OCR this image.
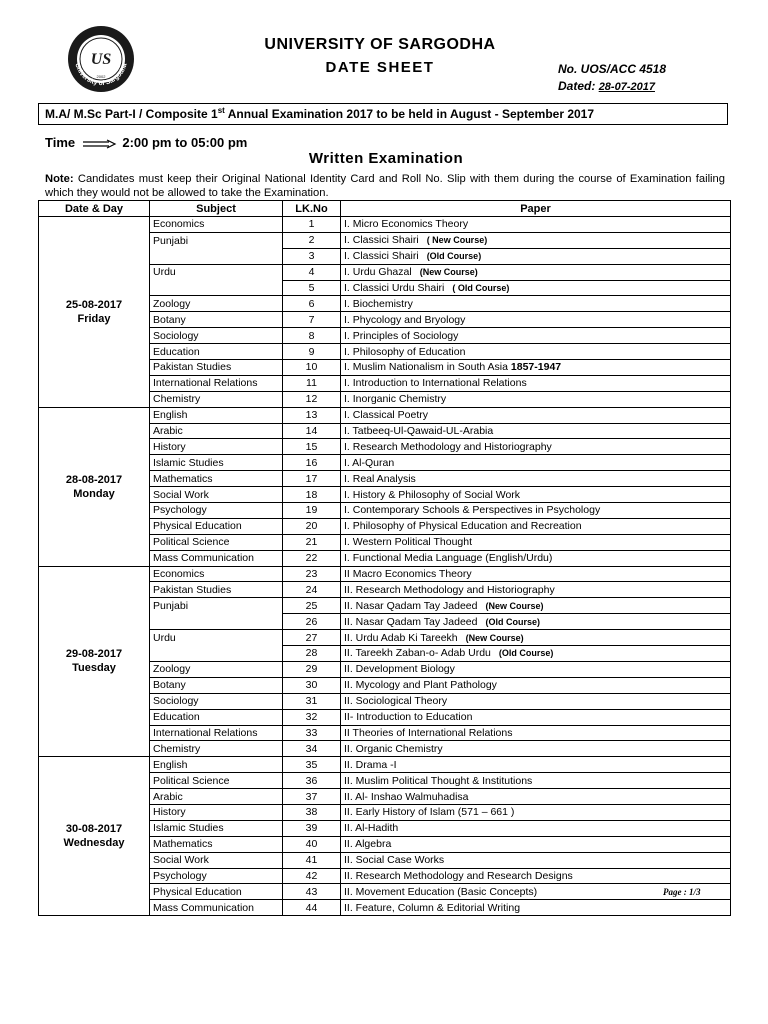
US
2002
University of Sargodha
UNIVERSITY OF SARGODHA
DATE SHEET	No. UOS/ACC 4518
Dated: 28-07-2017
M.A/ M.Sc Part-I / Composite 1st Annual Examination 2017 to be held in August - September 2017
Time	2:00 pm to 05:00 pm
Written Examination
Note: Candidates must keep their Original National Identity Card and Roll No. Slip with them during the course of Examination failing which they would not be allowed to take the Examination.
Date & Day	Subject	LK.No	Paper

25-08-2017
Friday	Economics	1	I. Micro Economics Theory
	Punjabi	2	I. Classici Shairi ( New Course)
		3	I. Classici Shairi (Old Course)
	Urdu	4	I. Urdu Ghazal (New Course)
		5	I. Classici Urdu Shairi ( Old Course)
	Zoology	6	I. Biochemistry
	Botany	7	I. Phycology and Bryology
	Sociology	8	I. Principles of Sociology
	Education	9	I. Philosophy of Education
	Pakistan Studies	10	I. Muslim Nationalism in South Asia 1857-1947
	International Relations	11	I. Introduction to International Relations
	Chemistry	12	I. Inorganic Chemistry

28-08-2017
Monday	English	13	I. Classical Poetry
	Arabic	14	I. Tatbeeq-Ul-Qawaid-UL-Arabia
	History	15	I. Research Methodology and Historiography
	Islamic Studies	16	I. Al-Quran
	Mathematics	17	I. Real Analysis
	Social Work	18	I. History & Philosophy of Social Work
	Psychology	19	I. Contemporary Schools & Perspectives in Psychology
	Physical Education	20	I. Philosophy of Physical Education and Recreation
	Political Science	21	I. Western Political Thought
	Mass Communication	22	I. Functional Media Language (English/Urdu)

29-08-2017
Tuesday	Economics	23	II Macro Economics Theory
	Pakistan Studies	24	II. Research Methodology and Historiography
	Punjabi	25	II. Nasar Qadam Tay Jadeed (New Course)
		26	II. Nasar Qadam Tay Jadeed (Old Course)
	Urdu	27	II. Urdu Adab Ki Tareekh (New Course)
		28	II. Tareekh Zaban-o- Adab Urdu (Old Course)
	Zoology	29	II. Development Biology
	Botany	30	II. Mycology and Plant Pathology
	Sociology	31	II. Sociological Theory
	Education	32	II- Introduction to Education
	International Relations	33	II Theories of International Relations
	Chemistry	34	II. Organic Chemistry

30-08-2017
Wednesday	English	35	II. Drama -I
	Political Science	36	II. Muslim Political Thought & Institutions
	Arabic	37	II. Al- Inshao Walmuhadisa
	History	38	II. Early History of Islam (571 – 661 )
	Islamic Studies	39	II. Al-Hadith
	Mathematics	40	II. Algebra
	Social Work	41	II. Social Case Works
	Psychology	42	II. Research Methodology and Research Designs
	Physical Education	43	II. Movement Education (Basic Concepts)
	Mass Communication	44	II. Feature, Column & Editorial Writing
Page : 1/3
